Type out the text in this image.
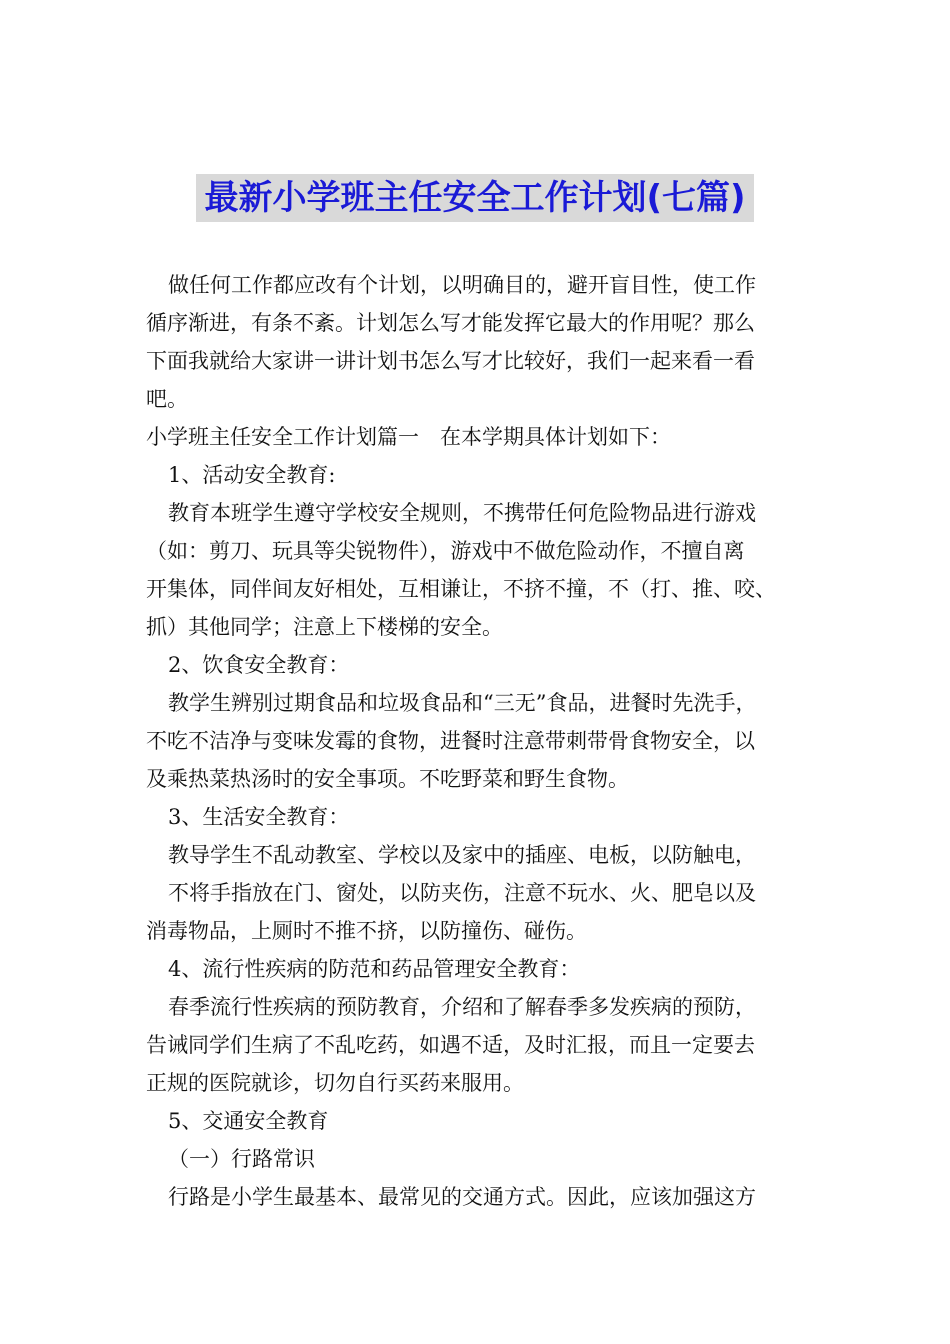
最新小学班主任安全工作计划(七篇)

做任何工作都应改有个计划，以明确目的，避开盲目性，使工作

循序渐进，有条不紊。计划怎么写才能发挥它最大的作用呢？那么

下面我就给大家讲一讲计划书怎么写才比较好，我们一起来看一看

吧。

小学班主任安全工作计划篇一　在本学期具体计划如下：

1、活动安全教育:

教育本班学生遵守学校安全规则，不携带任何危险物品进行游戏

（如：剪刀、玩具等尖锐物件），游戏中不做危险动作，不擅自离

开集体，同伴间友好相处，互相谦让，不挤不撞，不（打、推、咬、

抓）其他同学；注意上下楼梯的安全。

2、饮食安全教育：

教学生辨别过期食品和垃圾食品和“三无”食品，进餐时先洗手，

不吃不洁净与变味发霉的食物，进餐时注意带刺带骨食物安全，以

及乘热菜热汤时的安全事项。不吃野菜和野生食物。

3、生活安全教育：

教导学生不乱动教室、学校以及家中的插座、电板，以防触电，

不将手指放在门、窗处，以防夹伤，注意不玩水、火、肥皂以及

消毒物品，上厕时不推不挤，以防撞伤、碰伤。

4、流行性疾病的防范和药品管理安全教育：

春季流行性疾病的预防教育，介绍和了解春季多发疾病的预防，

告诫同学们生病了不乱吃药，如遇不适，及时汇报，而且一定要去

正规的医院就诊，切勿自行买药来服用。

5、交通安全教育

（一）行路常识

行路是小学生最基本、最常见的交通方式。因此，应该加强这方
